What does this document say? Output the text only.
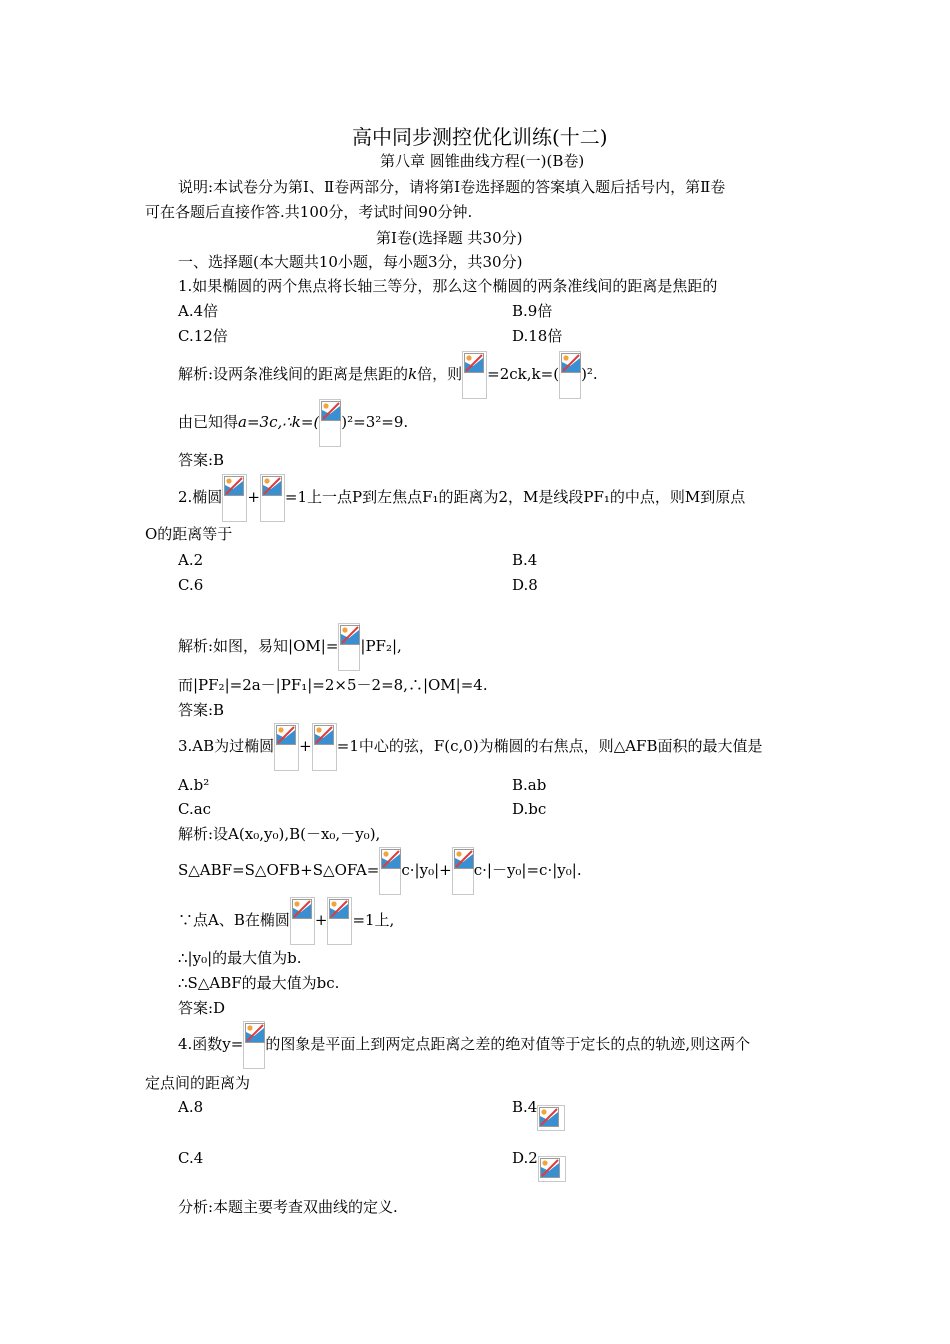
高中同步测控优化训练(十二)
第八章 圆锥曲线方程(一)(B卷)
说明:本试卷分为第Ⅰ、Ⅱ卷两部分，请将第Ⅰ卷选择题的答案填入题后括号内，第Ⅱ卷
可在各题后直接作答.共100分，考试时间90分钟.
第Ⅰ卷(选择题 共30分)
一、选择题(本大题共10小题，每小题3分，共30分)
1.如果椭圆的两个焦点将长轴三等分，那么这个椭圆的两条准线间的距离是焦距的
A.4倍	B.9倍
C.12倍	D.18倍
解析:设两条准线间的距离是焦距的k倍，则 =2ck,k=( )².
由已知得a=3c,∴k=( )²=3²=9.
答案:B
2.椭圆 + =1上一点P到左焦点F₁的距离为2，M是线段PF₁的中点，则M到原点
O的距离等于
A.2	B.4
C.6	D.8
解析:如图，易知|OM|= |PF₂|,
而|PF₂|=2a－|PF₁|=2×5－2=8,∴|OM|=4.
答案:B
3.AB为过椭圆 + =1中心的弦，F(c,0)为椭圆的右焦点，则△AFB面积的最大值是
A.b²	B.ab
C.ac	D.bc
解析:设A(x₀,y₀),B(－x₀,－y₀),
S△ABF=S△OFB+S△OFA= c·|y₀|+ c·|－y₀|=c·|y₀|.
∵点A、B在椭圆 + =1上,
∴|y₀|的最大值为b.
∴S△ABF的最大值为bc.
答案:D
4.函数y= 的图象是平面上到两定点距离之差的绝对值等于定长的点的轨迹,则这两个
定点间的距离为
A.8	B.4
C.4	D.2
分析:本题主要考查双曲线的定义.
